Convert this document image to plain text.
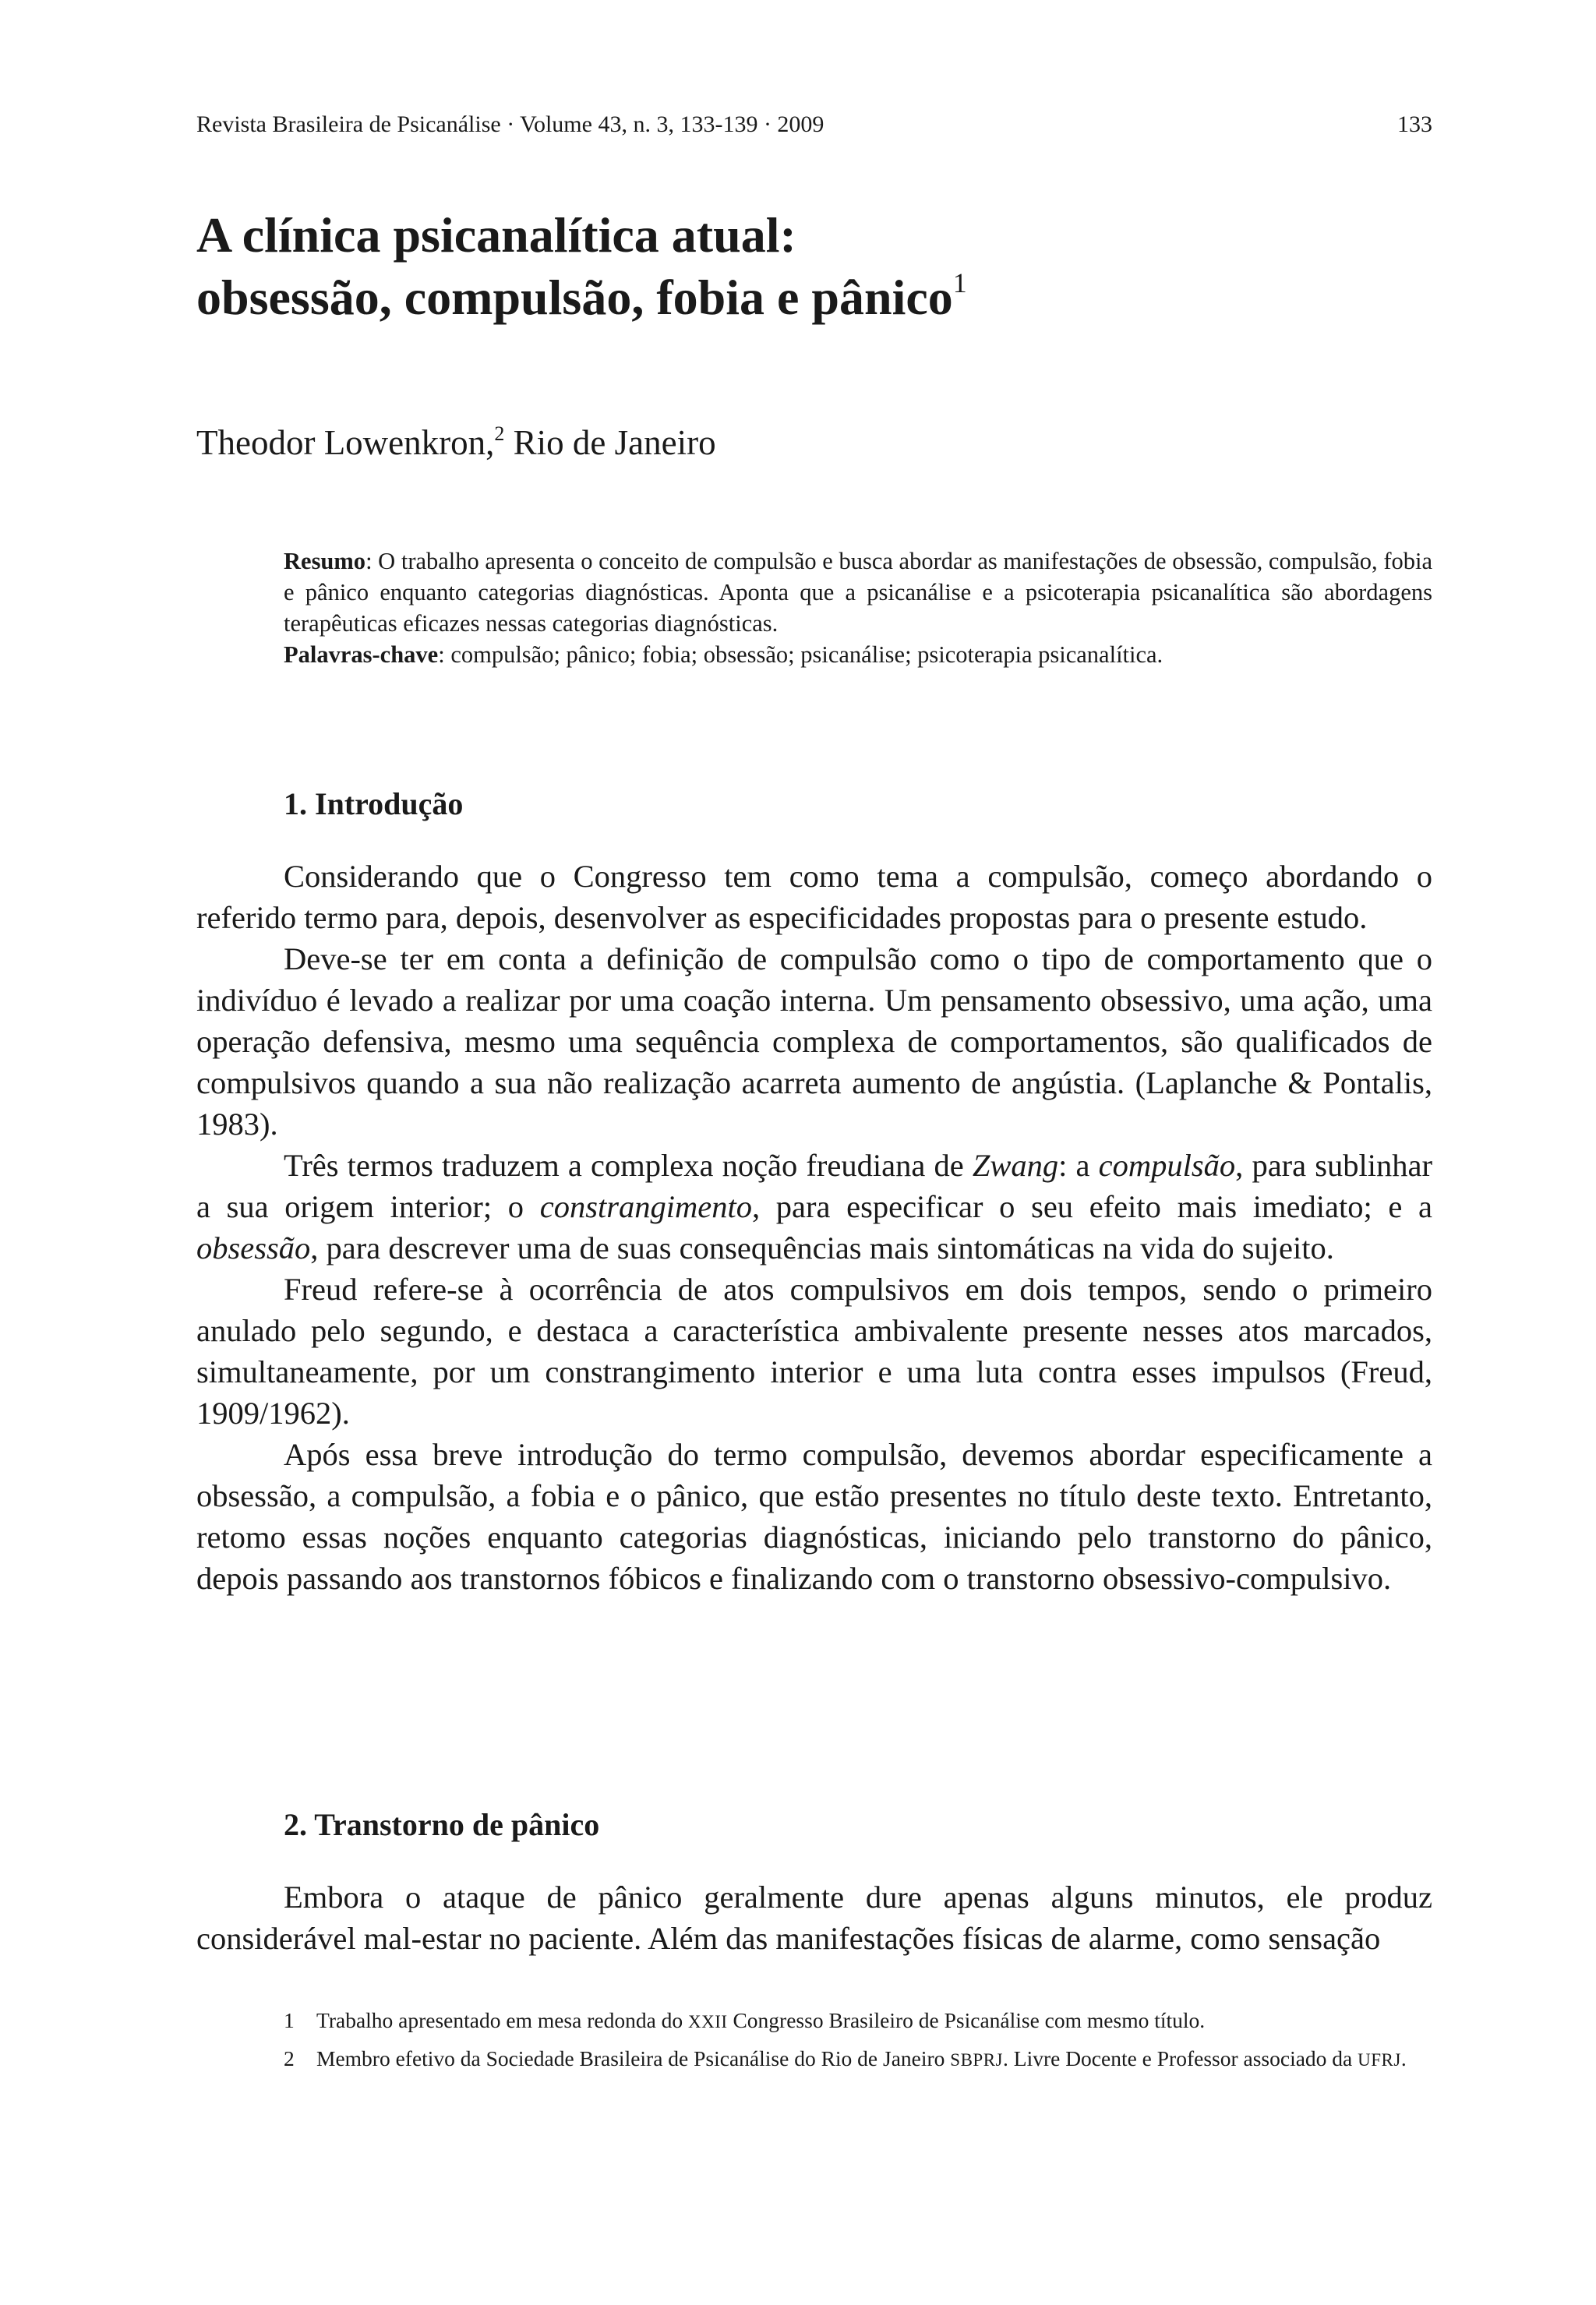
Revista Brasileira de Psicanálise · Volume 43, n. 3, 133-139 · 2009	133
A clínica psicanalítica atual:
obsessão, compulsão, fobia e pânico$^1$
Theodor Lowenkron,$^2$ Rio de Janeiro

Resumo: O trabalho apresenta o conceito de compulsão e busca abordar as manifestações de obsessão, compulsão, fobia e pânico enquanto categorias diagnósticas. Aponta que a psicanálise e a psicoterapia psicanalítica são abordagens terapêuticas eficazes nessas categorias diagnósticas.

Palavras-chave: compulsão; pânico; fobia; obsessão; psicanálise; psicoterapia psicanalítica.

1. Introdução

Considerando que o Congresso tem como tema a compulsão, começo abordando o referido termo para, depois, desenvolver as especificidades propostas para o presente estudo.

Deve-se ter em conta a definição de compulsão como o tipo de comportamento que o indivíduo é levado a realizar por uma coação interna. Um pensamento obsessivo, uma ação, uma operação defensiva, mesmo uma sequência complexa de comportamentos, são qualificados de compulsivos quando a sua não realização acarreta aumento de angústia. (Laplanche & Pontalis, 1983).

Três termos traduzem a complexa noção freudiana de Zwang: a compulsão, para sublinhar a sua origem interior; o constrangimento, para especificar o seu efeito mais imediato; e a obsessão, para descrever uma de suas consequências mais sintomáticas na vida do sujeito.

Freud refere-se à ocorrência de atos compulsivos em dois tempos, sendo o primeiro anulado pelo segundo, e destaca a característica ambivalente presente nesses atos marcados, simultaneamente, por um constrangimento interior e uma luta contra esses impulsos (Freud, 1909/1962).

Após essa breve introdução do termo compulsão, devemos abordar especificamente a obsessão, a compulsão, a fobia e o pânico, que estão presentes no título deste texto. Entretanto, retomo essas noções enquanto categorias diagnósticas, iniciando pelo transtorno do pânico, depois passando aos transtornos fóbicos e finalizando com o transtorno obsessivo-compulsivo.

2. Transtorno de pânico

Embora o ataque de pânico geralmente dure apenas alguns minutos, ele produz considerável mal-estar no paciente. Além das manifestações físicas de alarme, como sensação

1 Trabalho apresentado em mesa redonda do XXII Congresso Brasileiro de Psicanálise com mesmo título.
2 Membro efetivo da Sociedade Brasileira de Psicanálise do Rio de Janeiro SBPRJ. Livre Docente e Professor associado da UFRJ.
